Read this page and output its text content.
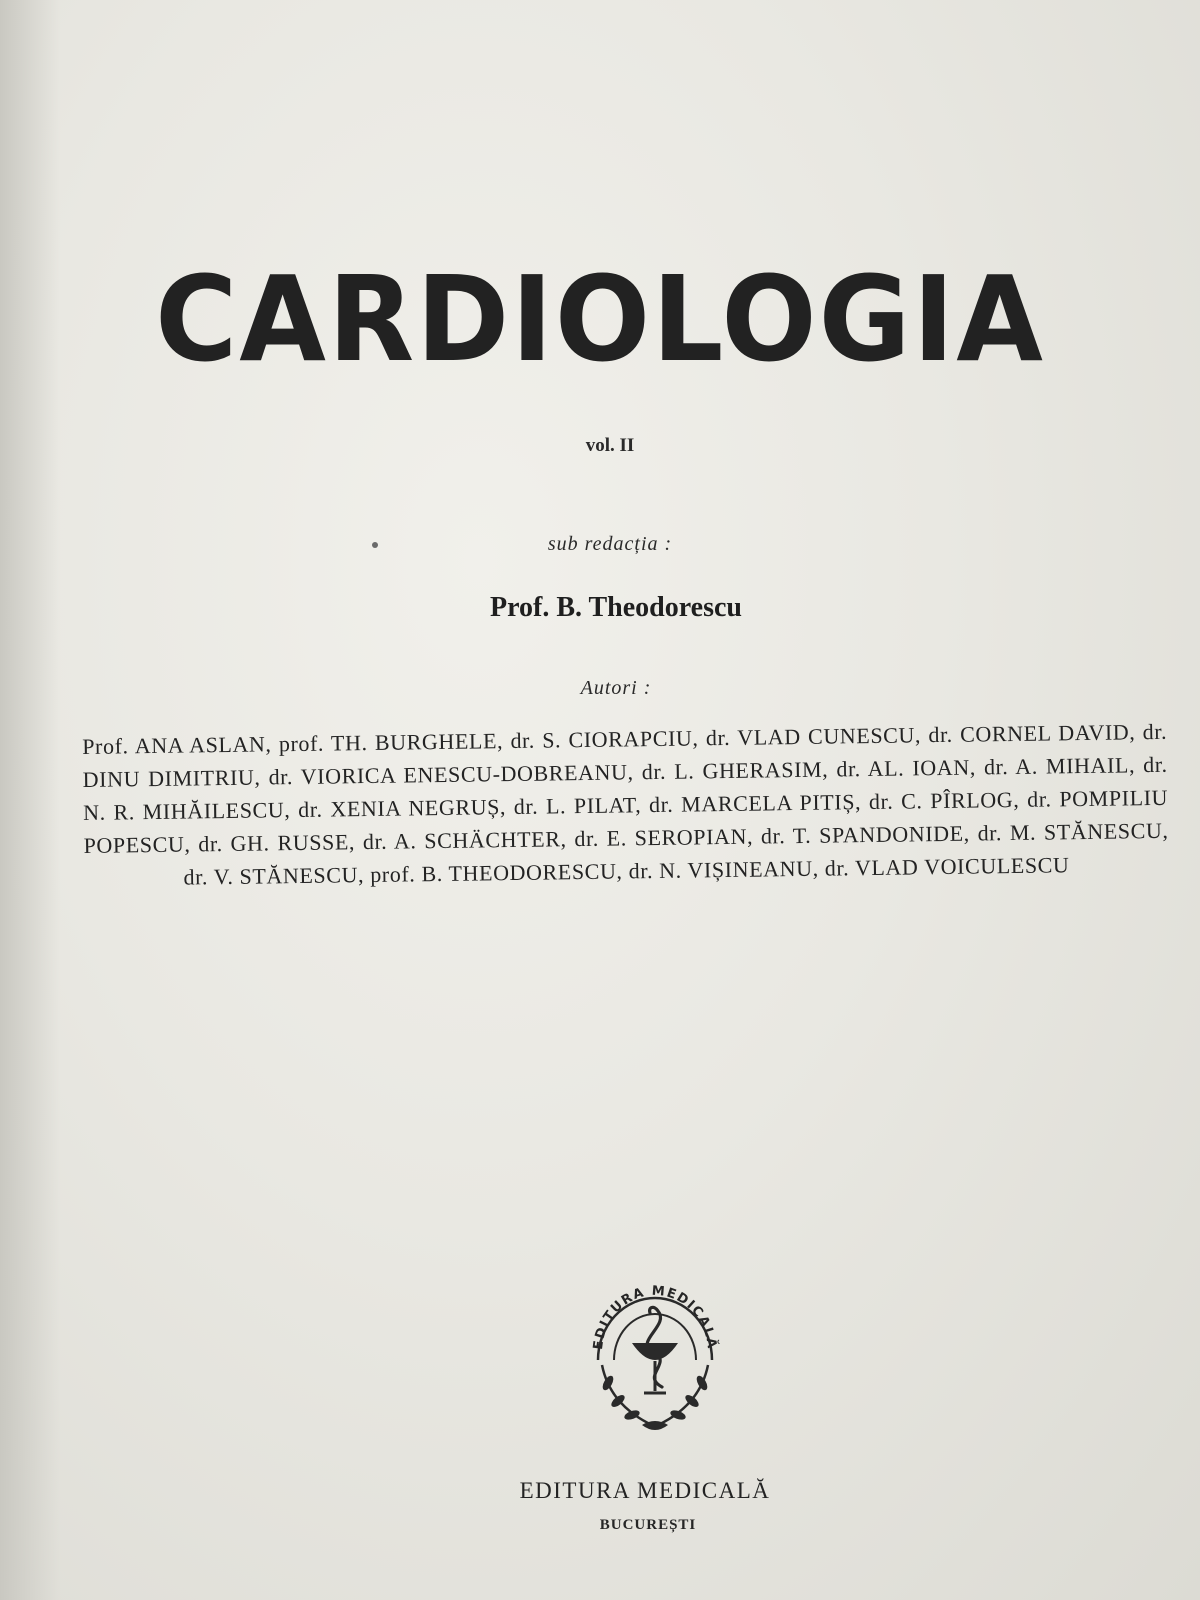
CARDIOLOGIA
vol. II
sub redacția :
Prof. B. Theodorescu
Autori :
Prof. ANA ASLAN, prof. TH. BURGHELE, dr. S. CIORAPCIU, dr. VLAD CUNESCU, dr. CORNEL DAVID, dr. DINU DIMITRIU, dr. VIORICA ENESCU-DOBREANU, dr. L. GHERASIM, dr. AL. IOAN, dr. A. MIHAIL, dr. N. R. MIHĂILESCU, dr. XENIA NEGRUȘ, dr. L. PILAT, dr. MARCELA PITIȘ, dr. C. PÎRLOG, dr. POMPILIU POPESCU, dr. GH. RUSSE, dr. A. SCHÄCHTER, dr. E. SEROPIAN, dr. T. SPANDONIDE, dr. M. STĂNESCU, dr. V. STĂNESCU, prof. B. THEODORESCU, dr. N. VIȘINEANU, dr. VLAD VOICULESCU
EDITURA MEDICALĂ
EDITURA MEDICALĂ
BUCUREȘTI
